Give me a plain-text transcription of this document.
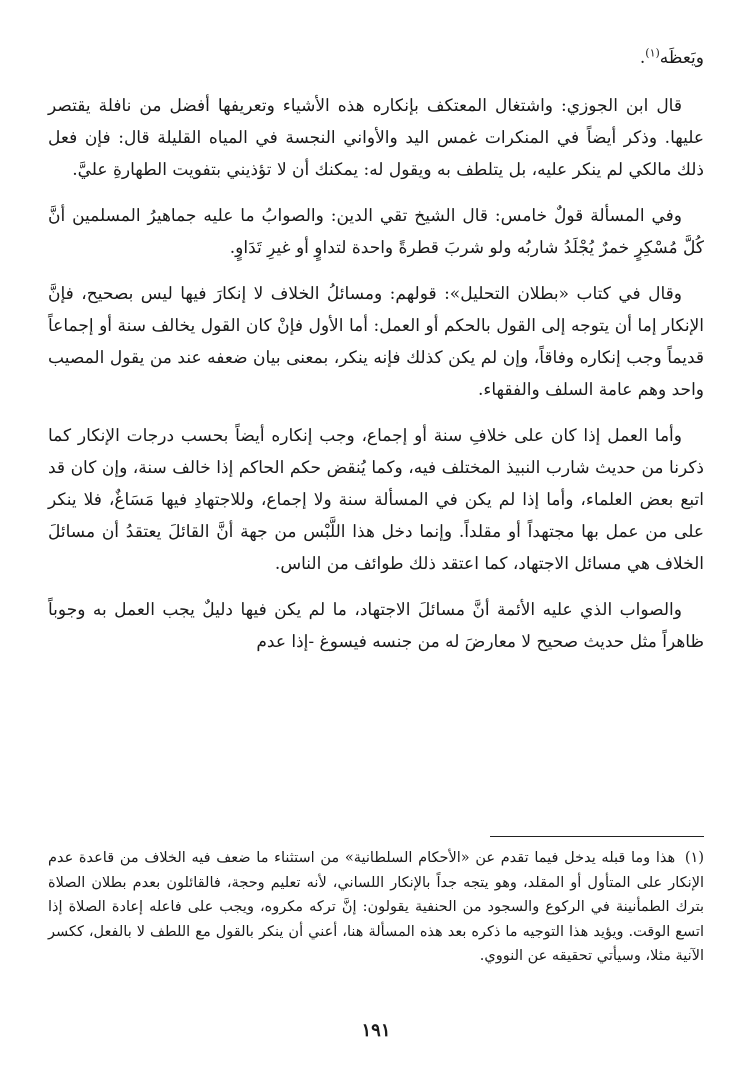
ويَعظَه$^{(١)}$.

قال ابن الجوزي: واشتغال المعتكف بإنكاره هذه الأشياء وتعريفها أفضل من نافلة يقتصر عليها. وذكر أيضاً في المنكرات غمس اليد والأواني النجسة في المياه القليلة قال: فإن فعل ذلك مالكي لم ينكر عليه، بل يتلطف به ويقول له: يمكنك أن لا تؤذيني بتفويت الطهارةِ عليَّ.

وفي المسألة قولٌ خامس: قال الشيخ تقي الدين: والصوابُ ما عليه جماهيرُ المسلمين أنَّ كُلَّ مُسْكِرٍ خمرٌ يُجْلَدُ شاربُه ولو شربَ قطرةً واحدة لتداوٍ أو غيرِ تَدَاوٍ.

وقال في كتاب «بطلان التحليل»: قولهم: ومسائلُ الخلاف لا إنكارَ فيها ليس بصحيح، فإنَّ الإنكار إما أن يتوجه إلى القول بالحكم أو العمل: أما الأول فإنْ كان القول يخالف سنة أو إجماعاً قديماً وجب إنكاره وفاقاً، وإن لم يكن كذلك فإنه ينكر، بمعنى بيان ضعفه عند من يقول المصيب واحد وهم عامة السلف والفقهاء.

وأما العمل إذا كان على خلافِ سنة أو إجماع، وجب إنكاره أيضاً بحسب درجات الإنكار كما ذكرنا من حديث شارب النبيذ المختلف فيه، وكما يُنقض حكم الحاكم إذا خالف سنة، وإن كان قد اتبع بعض العلماء، وأما إذا لم يكن في المسألة سنة ولا إجماع، وللاجتهادِ فيها مَسَاغٌ، فلا ينكر على من عمل بها مجتهداً أو مقلداً. وإنما دخل هذا اللَّبْس من جهة أنَّ القائلَ يعتقدُ أن مسائلَ الخلاف هي مسائل الاجتهاد، كما اعتقد ذلك طوائف من الناس.

والصواب الذي عليه الأئمة أنَّ مسائلَ الاجتهاد، ما لم يكن فيها دليلٌ يجب العمل به وجوباً ظاهراً مثل حديث صحيح لا معارضَ له من جنسه فيسوغ -إذا عدم

(١) هذا وما قبله يدخل فيما تقدم عن «الأحكام السلطانية» من استثناء ما ضعف فيه الخلاف من قاعدة عدم الإنكار على المتأول أو المقلد، وهو يتجه جداً بالإنكار اللساني، لأنه تعليم وحجة، فالقائلون بعدم بطلان الصلاة بترك الطمأنينة في الركوع والسجود من الحنفية يقولون: إنَّ تركه مكروه، ويجب على فاعله إعادة الصلاة إذا اتسع الوقت. ويؤيد هذا التوجيه ما ذكره بعد هذه المسألة هنا، أعني أن ينكر بالقول مع اللطف لا بالفعل، ككسر الآنية مثلا، وسيأتي تحقيقه عن النووي.
١٩١
